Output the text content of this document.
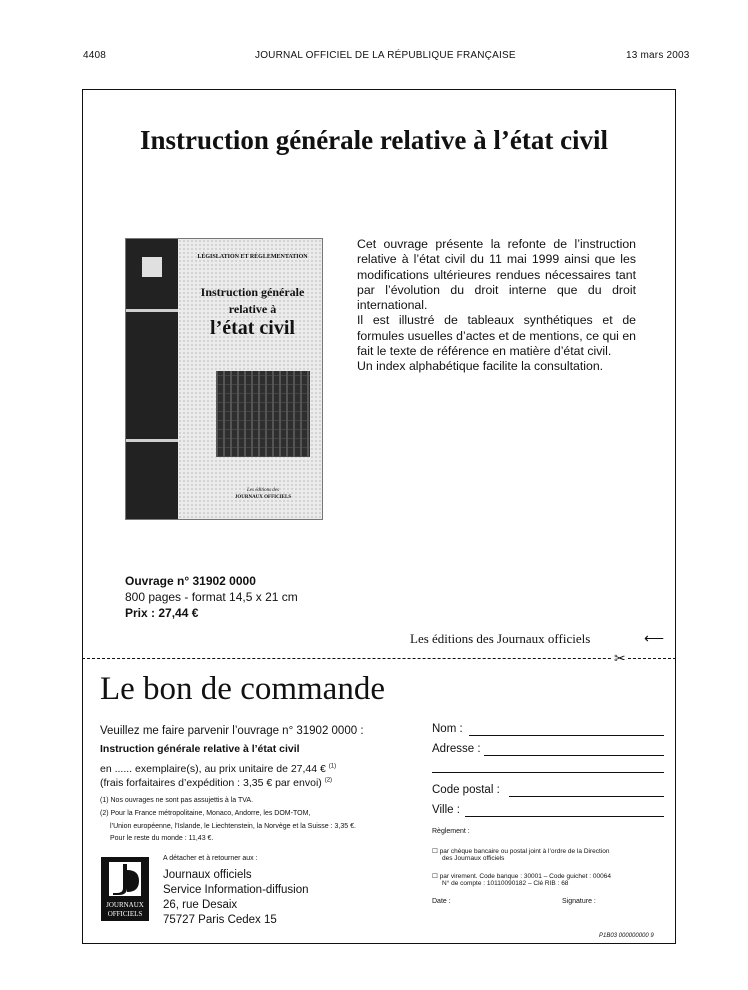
4408	JOURNAL OFFICIEL DE LA RÉPUBLIQUE FRANÇAISE	13 mars 2003
Instruction générale relative à l’état civil
LÉGISLATION ET RÉGLEMENTATION
Instruction générale
relative à
l’état civil
Les éditions des
JOURNAUX OFFICIELS

Cet ouvrage présente la refonte de l’instruction relative à l’état civil du 11 mai 1999 ainsi que les modifications ultérieures rendues nécessaires tant par l’évolution du droit interne que du droit international.

Il est illustré de tableaux synthétiques et de formules usuelles d’actes et de mentions, ce qui en fait le texte de référence en matière d’état civil.

Un index alphabétique facilite la consultation.

Ouvrage n° 31902 0000
800 pages - format 14,5 x 21 cm
Prix : 27,44 €
Les éditions des Journaux officiels	⟵
✂
Le bon de commande
Veuillez me faire parvenir l’ouvrage n° 31902 0000 :
Instruction générale relative à l’état civil
en ...... exemplaire(s), au prix unitaire de 27,44 € $^{(1)}$
(frais forfaitaires d’expédition : 3,35 € par envoi) $^{(2)}$
(1) Nos ouvrages ne sont pas assujettis à la TVA.
(2) Pour la France métropolitaine, Monaco, Andorre, les DOM-TOM,
l’Union européenne, l’Islande, le Liechtenstein, la Norvège et la Suisse : 3,35 €.
Pour le reste du monde : 11,43 €.
A détacher et à retourner aux :
JOURNAUX
OFFICIELS
Journaux officiels
Service Information-diffusion
26, rue Desaix
75727 Paris Cedex 15
Nom :
Adresse :
Code postal :
Ville :
Règlement :
☐ par chèque bancaire ou postal joint à l’ordre de la Direction
des Journaux officiels
☐ par virement. Code banque : 30001 – Code guichet : 00064
N° de compte : 10110090182 – Clé RIB : 68
Date :	Signature :
P1B03 000000000 9
